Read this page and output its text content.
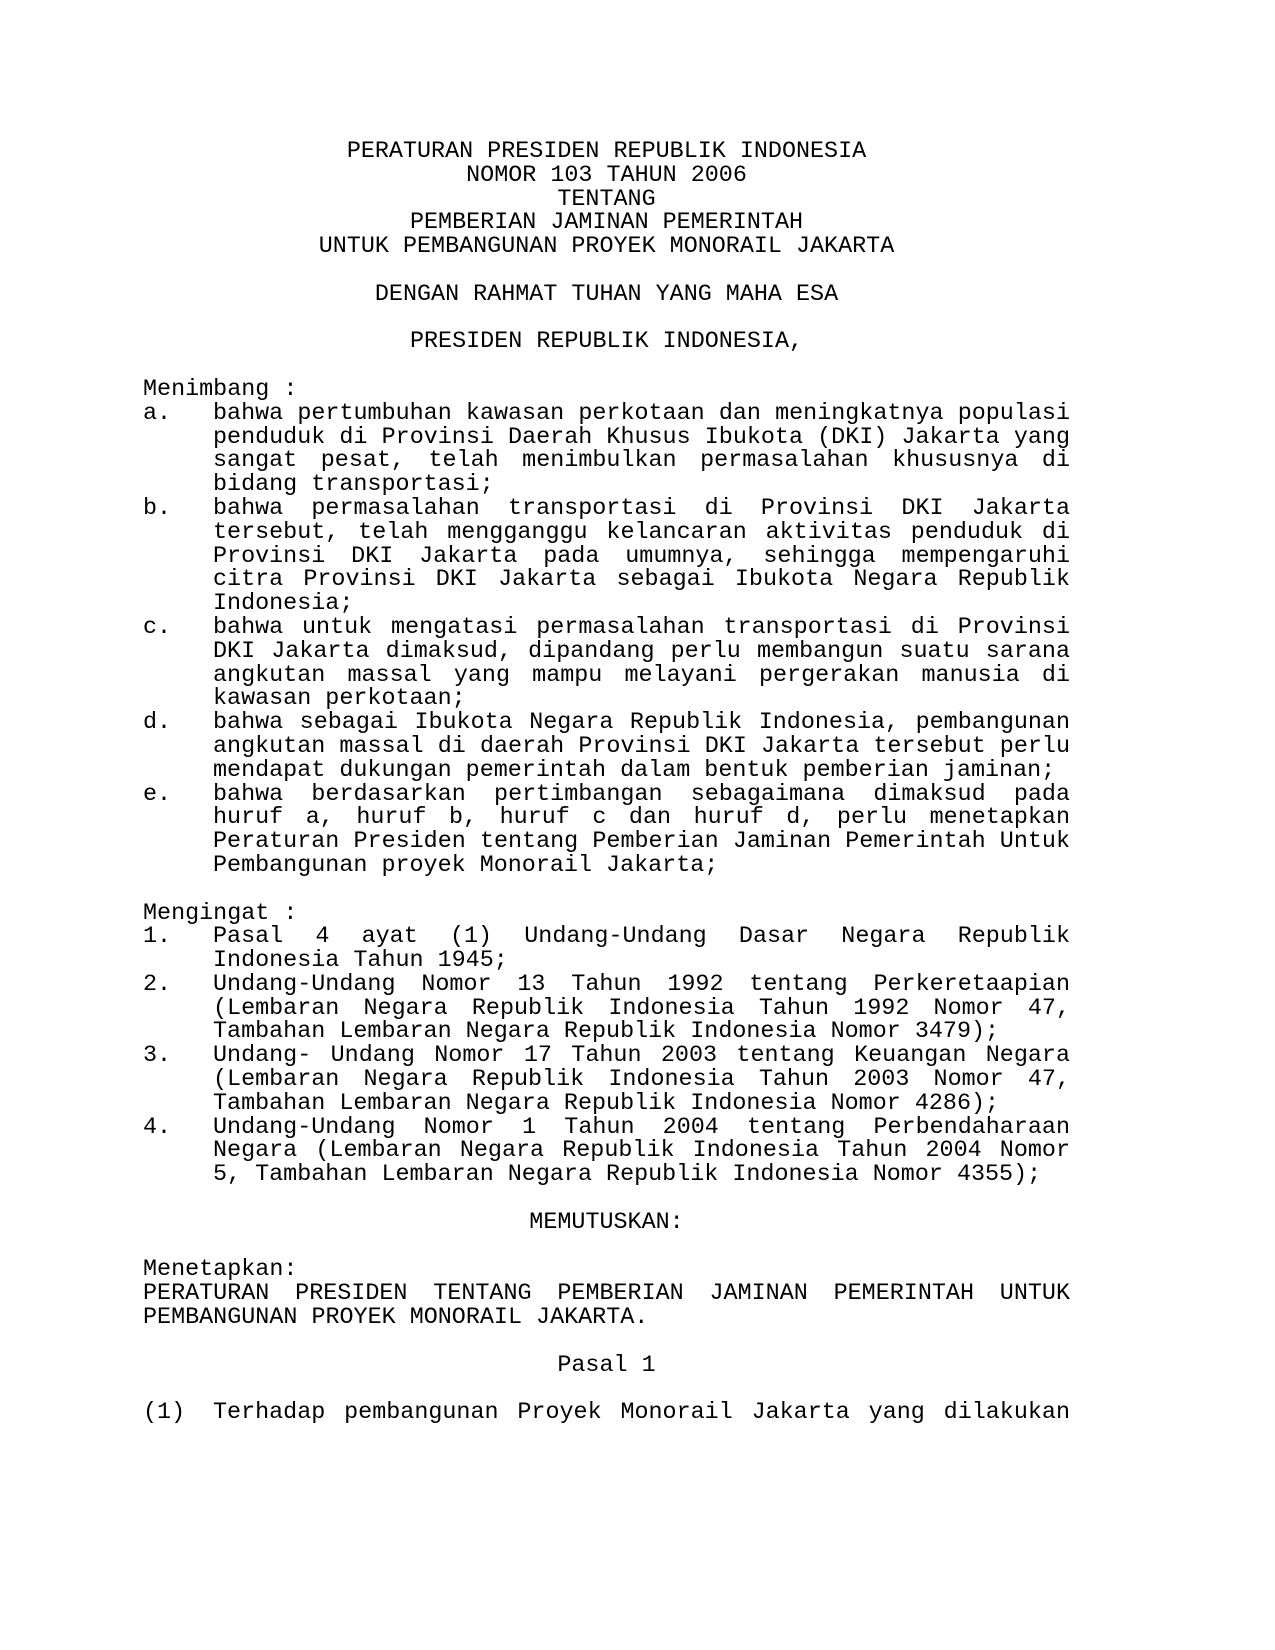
PERATURAN PRESIDEN REPUBLIK INDONESIA
NOMOR 103 TAHUN 2006
TENTANG
PEMBERIAN JAMINAN PEMERINTAH
UNTUK PEMBANGUNAN PROYEK MONORAIL JAKARTA
DENGAN RAHMAT TUHAN YANG MAHA ESA
PRESIDEN REPUBLIK INDONESIA,
Menimbang :
a.	bahwa pertumbuhan kawasan perkotaan dan meningkatnya populasi
penduduk di Provinsi Daerah Khusus Ibukota (DKI) Jakarta yang
sangat pesat, telah menimbulkan permasalahan khususnya di
bidang transportasi;
b.	bahwa permasalahan transportasi di Provinsi DKI Jakarta
tersebut, telah mengganggu kelancaran aktivitas penduduk di
Provinsi DKI Jakarta pada umumnya, sehingga mempengaruhi
citra Provinsi DKI Jakarta sebagai Ibukota Negara Republik
Indonesia;
c.	bahwa untuk mengatasi permasalahan transportasi di Provinsi
DKI Jakarta dimaksud, dipandang perlu membangun suatu sarana
angkutan massal yang mampu melayani pergerakan manusia di
kawasan perkotaan;
d.	bahwa sebagai Ibukota Negara Republik Indonesia, pembangunan
angkutan massal di daerah Provinsi DKI Jakarta tersebut perlu
mendapat dukungan pemerintah dalam bentuk pemberian jaminan;
e.	bahwa berdasarkan pertimbangan sebagaimana dimaksud pada
huruf a, huruf b, huruf c dan huruf d, perlu menetapkan
Peraturan Presiden tentang Pemberian Jaminan Pemerintah Untuk
Pembangunan proyek Monorail Jakarta;
Mengingat :
1.	Pasal 4 ayat (1) Undang-Undang Dasar Negara Republik
Indonesia Tahun 1945;
2.	Undang-Undang Nomor 13 Tahun 1992 tentang Perkeretaapian
(Lembaran Negara Republik Indonesia Tahun 1992 Nomor 47,
Tambahan Lembaran Negara Republik Indonesia Nomor 3479);
3.	Undang- Undang Nomor 17 Tahun 2003 tentang Keuangan Negara
(Lembaran Negara Republik Indonesia Tahun 2003 Nomor 47,
Tambahan Lembaran Negara Republik Indonesia Nomor 4286);
4.	Undang-Undang Nomor 1 Tahun 2004 tentang Perbendaharaan
Negara (Lembaran Negara Republik Indonesia Tahun 2004 Nomor
5, Tambahan Lembaran Negara Republik Indonesia Nomor 4355);
MEMUTUSKAN:
Menetapkan:
PERATURAN PRESIDEN TENTANG PEMBERIAN JAMINAN PEMERINTAH UNTUK
PEMBANGUNAN PROYEK MONORAIL JAKARTA.
Pasal 1
(1)	Terhadap pembangunan Proyek Monorail Jakarta yang dilakukan
